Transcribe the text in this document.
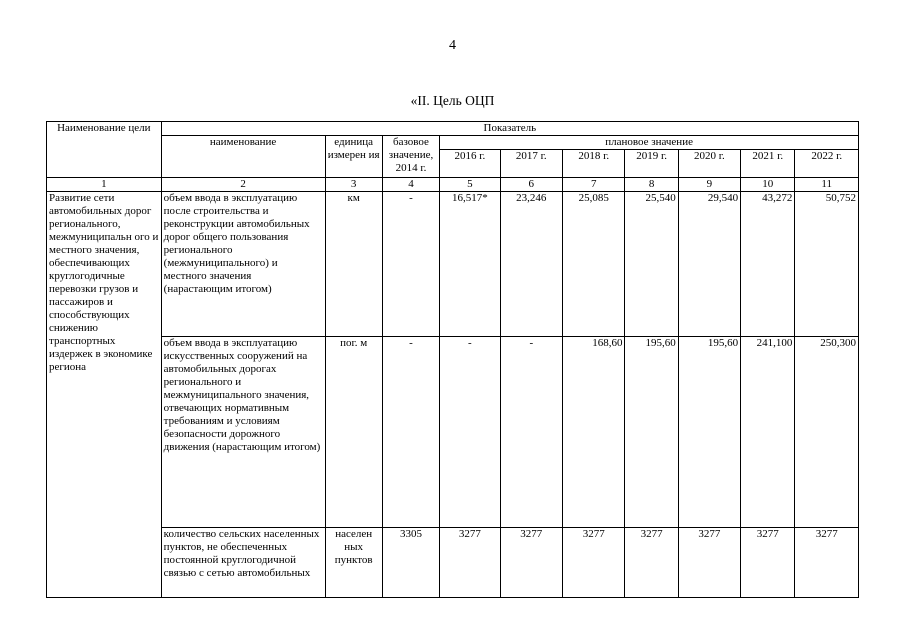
4
«II. Цель ОЦП
Наименование цели	Показатель									
	наименование	единица измерен ия	базовое значение, 2014 г.	плановое значение						
				2016 г.	2017 г.	2018 г.	2019 г.	2020 г.	2021 г.	2022 г.
1	2	3	4	5	6	7	8	9	10	11
Развитие сети автомобильных дорог регионального, межмуниципальн ого и местного значения, обеспечивающих круглогодичные перевозки грузов и пассажиров и способствующих снижению транспортных издержек в экономике региона	объем ввода в эксплуатацию после строительства и реконструкции автомобильных дорог общего пользования регионального (межмуниципального) и местного значения (нарастающим итогом)	км	-	16,517*	23,246	25,085	25,540	29,540	43,272	50,752
	объем ввода в эксплуатацию искусственных сооружений на автомобильных дорогах регионального и межмуниципального значения, отвечающих нормативным требованиям и условиям безопасности дорожного движения (нарастающим итогом)	пог. м	-	-	-	168,60	195,60	195,60	241,100	250,300
	количество сельских населенных пунктов, не обеспеченных постоянной круглогодичной связью с сетью автомобильных	населен ных пунктов	3305	3277	3277	3277	3277	3277	3277	3277
